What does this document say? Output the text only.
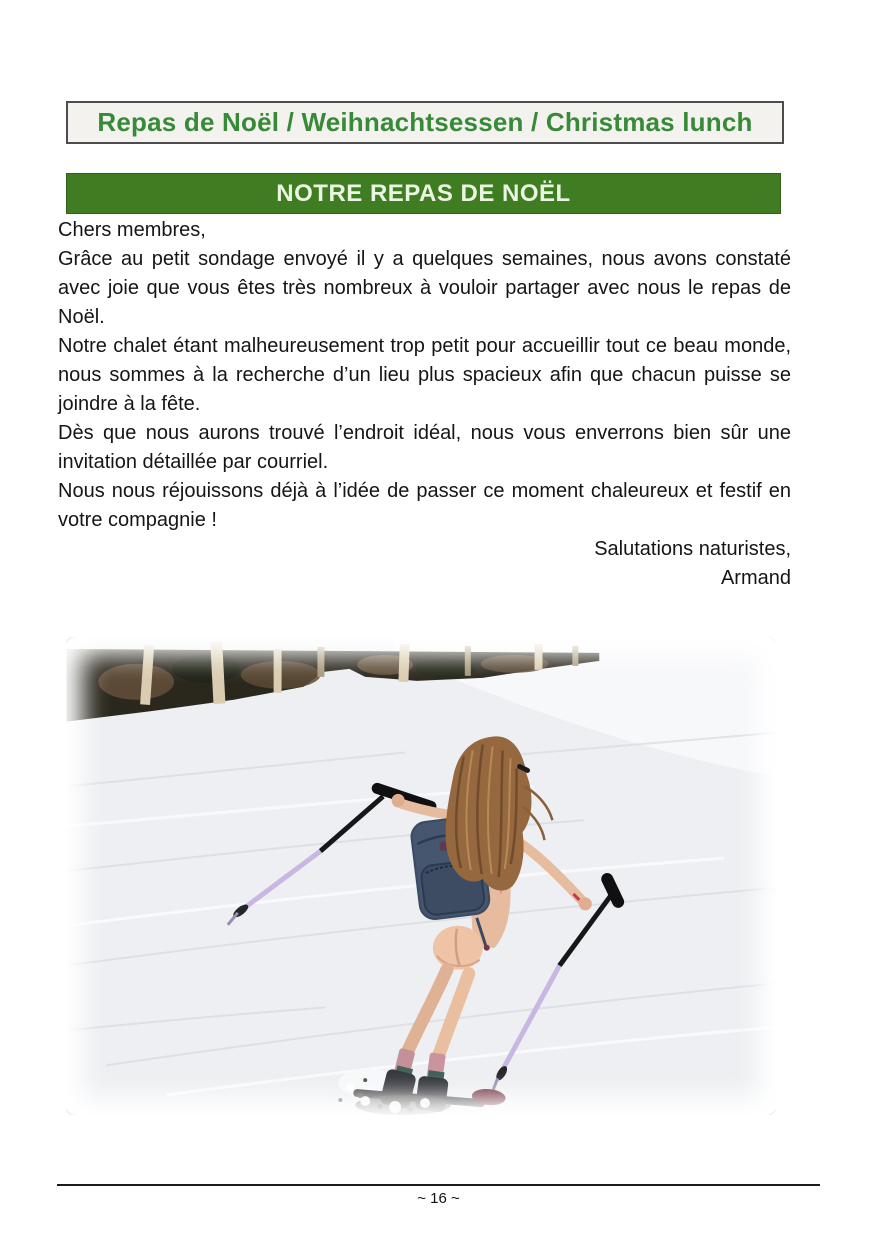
Repas de Noël / Weihnachtsessen / Christmas lunch
NOTRE REPAS DE NOËL

Chers membres,

Grâce au petit sondage envoyé il y a quelques semaines, nous avons constaté avec joie que vous êtes très nombreux à vouloir partager avec nous le repas de Noël.

Notre chalet étant malheureusement trop petit pour accueillir tout ce beau monde, nous sommes à la recherche d’un lieu plus spacieux afin que chacun puisse se joindre à la fête.

Dès que nous aurons trouvé l’endroit idéal, nous vous enverrons bien sûr une invitation détaillée par courriel.

Nous nous réjouissons déjà à l’idée de passer ce moment chaleureux et festif en votre compagnie !

Salutations naturistes,
Armand
~ 16 ~
